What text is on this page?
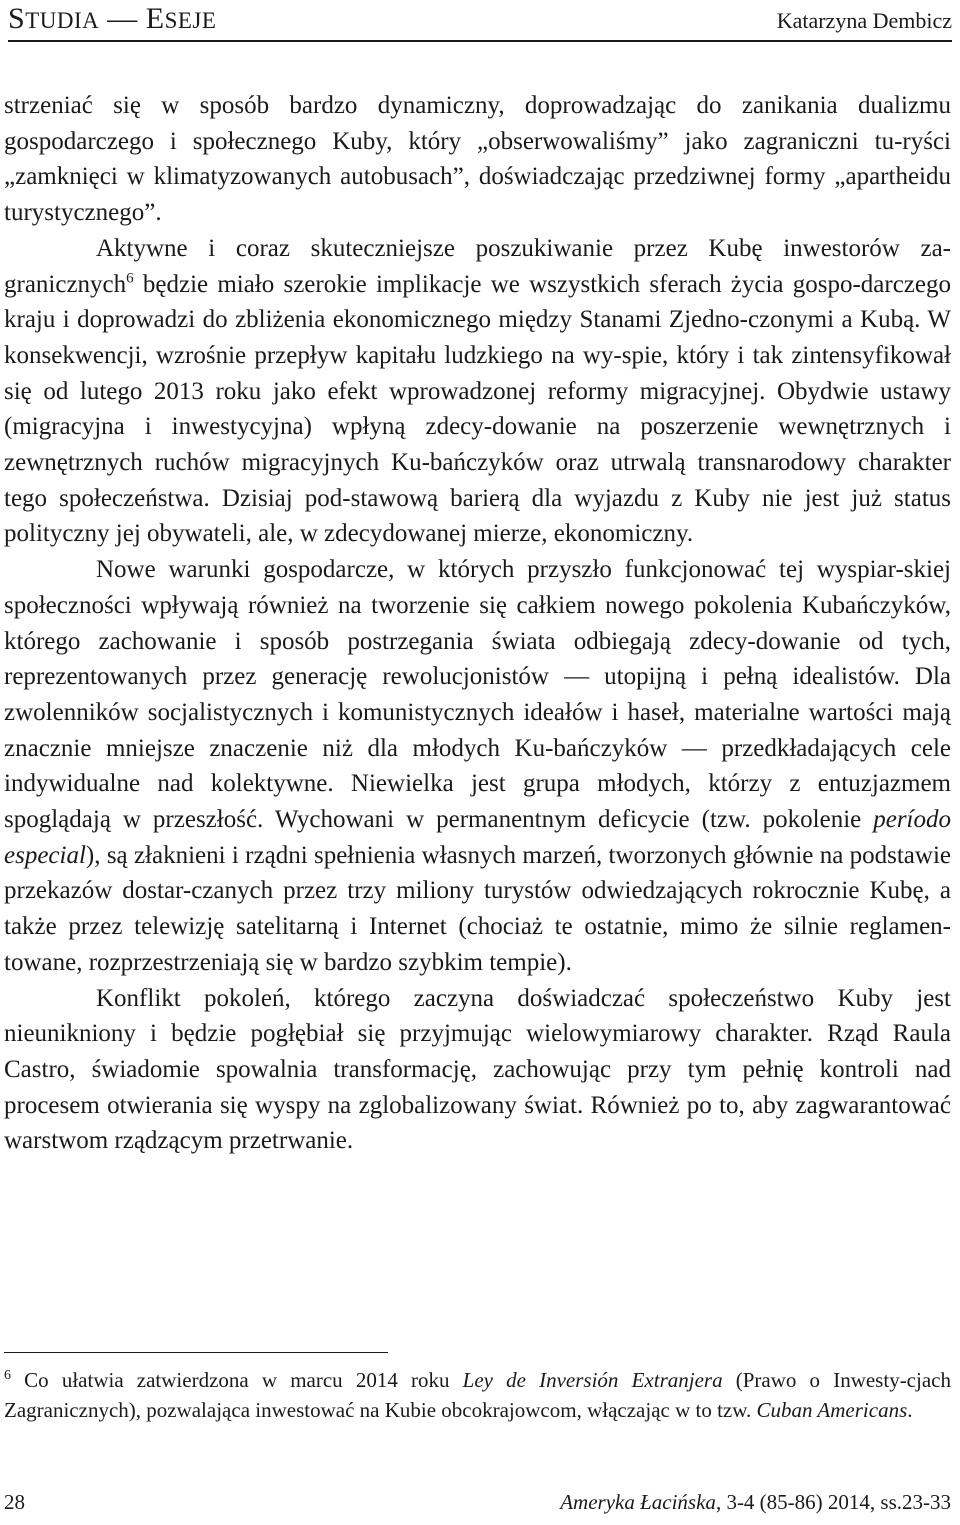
STUDIA — ESEJE	Katarzyna Dembicz

strzeniać się w sposób bardzo dynamiczny, doprowadzając do zanikania dualizmu gospodarczego i społecznego Kuby, który „obserwowaliśmy” jako zagraniczni tu-ryści „zamknięci w klimatyzowanych autobusach”, doświadczając przedziwnej formy „apartheidu turystycznego”.

Aktywne i coraz skuteczniejsze poszukiwanie przez Kubę inwestorów za-granicznych$^6$ będzie miało szerokie implikacje we wszystkich sferach życia gospo-darczego kraju i doprowadzi do zbliżenia ekonomicznego między Stanami Zjedno-czonymi a Kubą. W konsekwencji, wzrośnie przepływ kapitału ludzkiego na wy-spie, który i tak zintensyfikował się od lutego 2013 roku jako efekt wprowadzonej reformy migracyjnej. Obydwie ustawy (migracyjna i inwestycyjna) wpłyną zdecy-dowanie na poszerzenie wewnętrznych i zewnętrznych ruchów migracyjnych Ku-bańczyków oraz utrwalą transnarodowy charakter tego społeczeństwa. Dzisiaj pod-stawową barierą dla wyjazdu z Kuby nie jest już status polityczny jej obywateli, ale, w zdecydowanej mierze, ekonomiczny.

Nowe warunki gospodarcze, w których przyszło funkcjonować tej wyspiar-skiej społeczności wpływają również na tworzenie się całkiem nowego pokolenia Kubańczyków, którego zachowanie i sposób postrzegania świata odbiegają zdecy-dowanie od tych, reprezentowanych przez generację rewolucjonistów — utopijną i pełną idealistów. Dla zwolenników socjalistycznych i komunistycznych ideałów i haseł, materialne wartości mają znacznie mniejsze znaczenie niż dla młodych Ku-bańczyków — przedkładających cele indywidualne nad kolektywne. Niewielka jest grupa młodych, którzy z entuzjazmem spoglądają w przeszłość. Wychowani w permanentnym deficycie (tzw. pokolenie período especial), są złaknieni i rządni spełnienia własnych marzeń, tworzonych głównie na podstawie przekazów dostar-czanych przez trzy miliony turystów odwiedzających rokrocznie Kubę, a także przez telewizję satelitarną i Internet (chociaż te ostatnie, mimo że silnie reglamen-towane, rozprzestrzeniają się w bardzo szybkim tempie).

Konflikt pokoleń, którego zaczyna doświadczać społeczeństwo Kuby jest nieunikniony i będzie pogłębiał się przyjmując wielowymiarowy charakter. Rząd Raula Castro, świadomie spowalnia transformację, zachowując przy tym pełnię kontroli nad procesem otwierania się wyspy na zglobalizowany świat. Również po to, aby zagwarantować warstwom rządzącym przetrwanie.

$^6$ Co ułatwia zatwierdzona w marcu 2014 roku Ley de Inversión Extranjera (Prawo o Inwesty-cjach Zagranicznych), pozwalająca inwestować na Kubie obcokrajowcom, włączając w to tzw. Cuban Americans.
28	Ameryka Łacińska, 3-4 (85-86) 2014, ss.23-33
